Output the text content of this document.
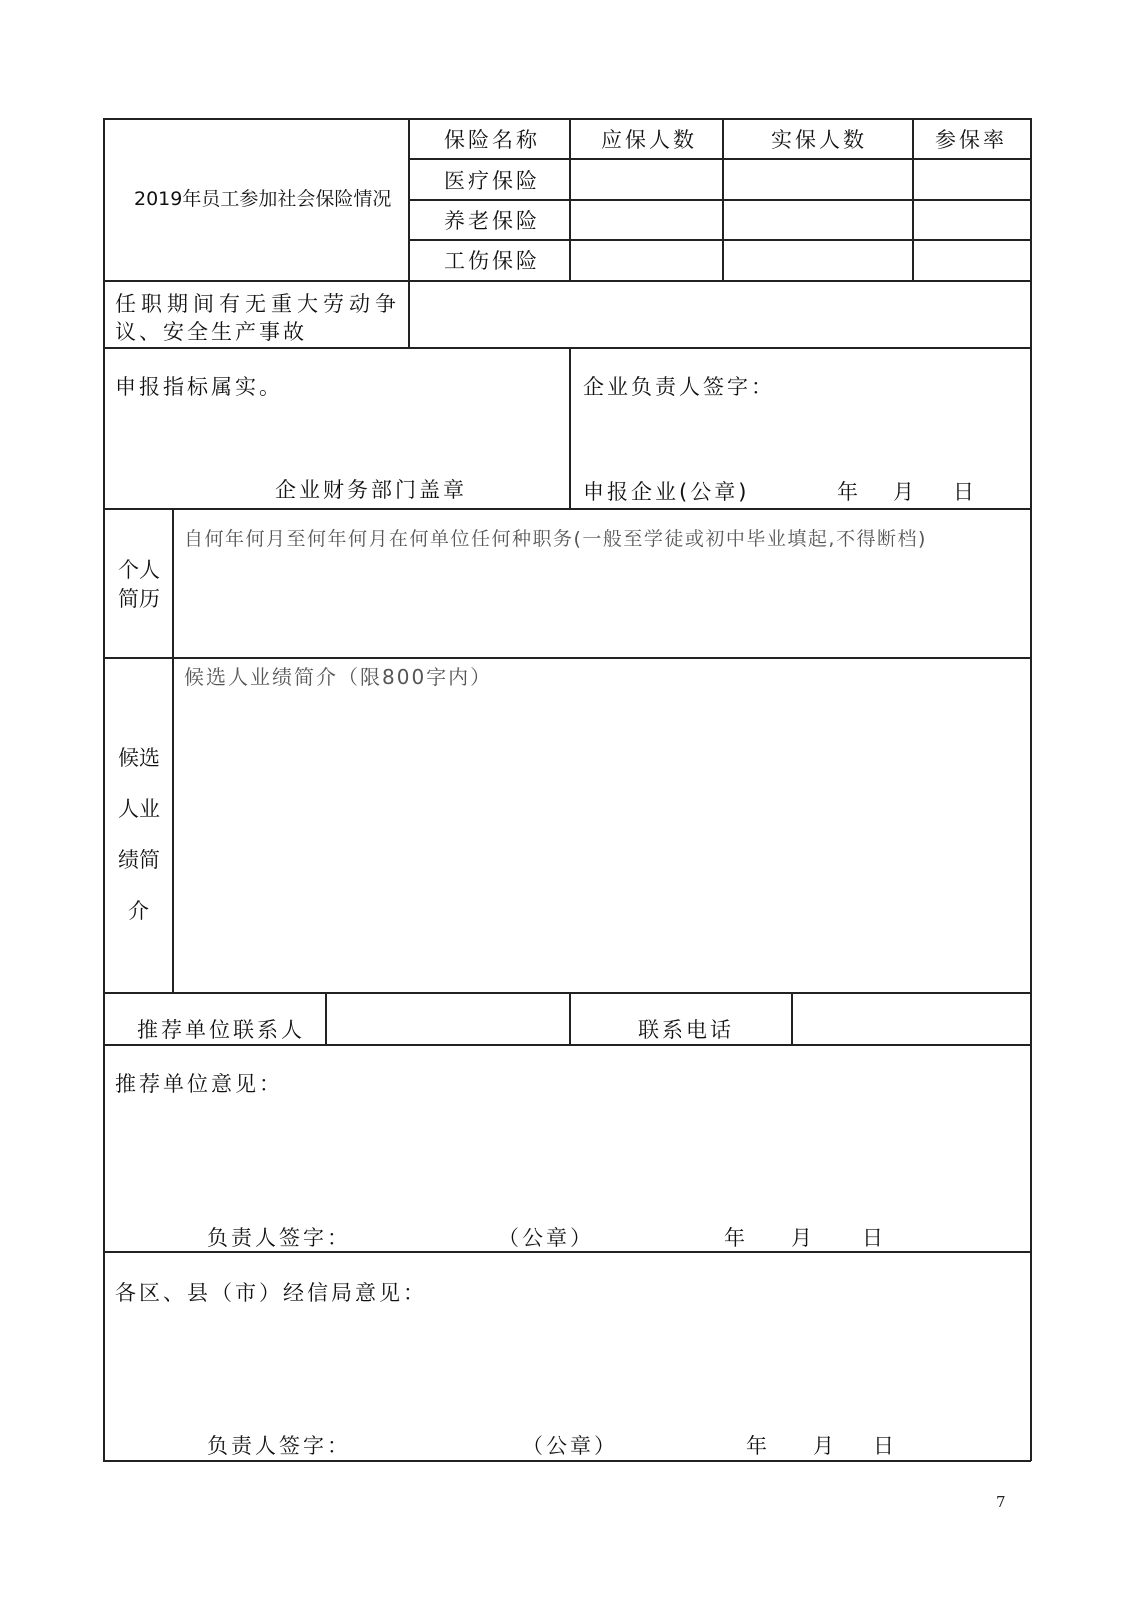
2019年员工参加社会保险情况
保险名称	应保人数	实保人数	参保率
医疗保险
养老保险
工伤保险
任职期间有无重大劳动争
议、安全生产事故
申报指标属实。
企业财务部门盖章
企业负责人签字：
申报企业(公章)	年 月 日
个人
简历
自何年何月至何年何月在何单位任何种职务(一般至学徒或初中毕业填起,不得断档)
候选
人业
绩简
介
候选人业绩简介（限800字内）
推荐单位联系人	联系电话
推荐单位意见：
负责人签字：	（公章）	年 月 日
各区、县（市）经信局意见：
负责人签字：	（公章）	年 月 日
7
